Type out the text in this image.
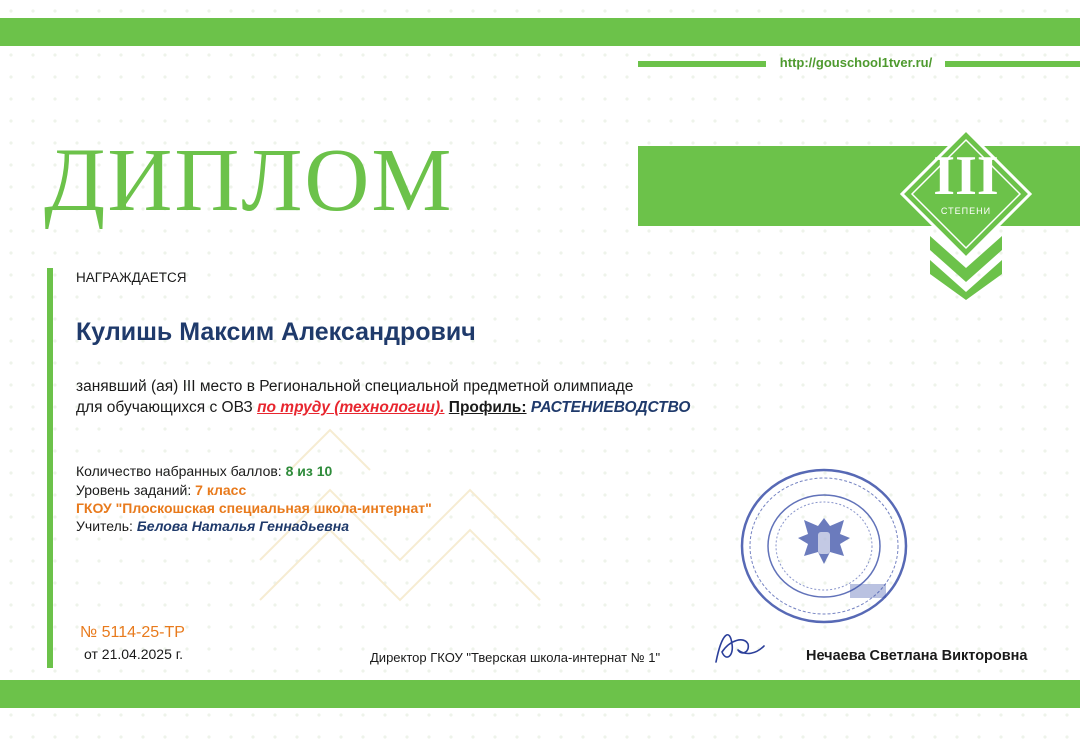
http://gouschool1tver.ru/
ДИПЛОМ	III
СТЕПЕНИ
НАГРАЖДАЕТСЯ
Кулишь Максим Александрович
занявший (ая) III место в Региональной специальной предметной олимпиаде
для обучающихся с ОВЗ по труду (технологии). Профиль: РАСТЕНИЕВОДСТВО
Количество набранных баллов: 8 из 10
Уровень заданий: 7 класс
ГКОУ "Плоскошская специальная школа-интернат"
Учитель: Белова Наталья Геннадьевна
№ 5114-25-ТР
от 21.04.2025 г.	Директор ГКОУ "Тверская школа-интернат № 1"	Нечаева Светлана Викторовна
